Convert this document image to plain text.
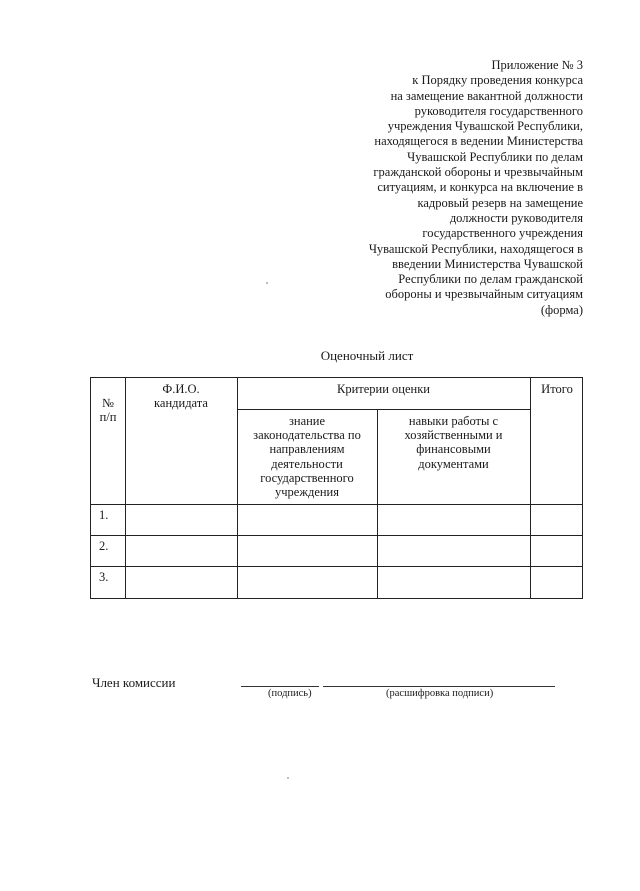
Приложение № 3
к Порядку проведения конкурса
на замещение вакантной должности
руководителя государственного
учреждения Чувашской Республики,
находящегося в ведении Министерства
Чувашской Республики по делам
гражданской обороны и чрезвычайным
ситуациям, и конкурса на включение в
кадровый резерв на замещение
должности руководителя
государственного учреждения
Чувашской Республики, находящегося в
введении Министерства Чувашской
Республики по делам гражданской
обороны и чрезвычайным ситуациям
(форма)
Оценочный лист
№
п/п
Ф.И.О.
кандидата
Критерии оценки	Итого
знание
законодательства по
направлениям
деятельности
государственного
учреждения
навыки работы с
хозяйственными и
финансовыми
документами
1.
2.
3.
Член комиссии
(подпись)	(расшифровка подписи)
